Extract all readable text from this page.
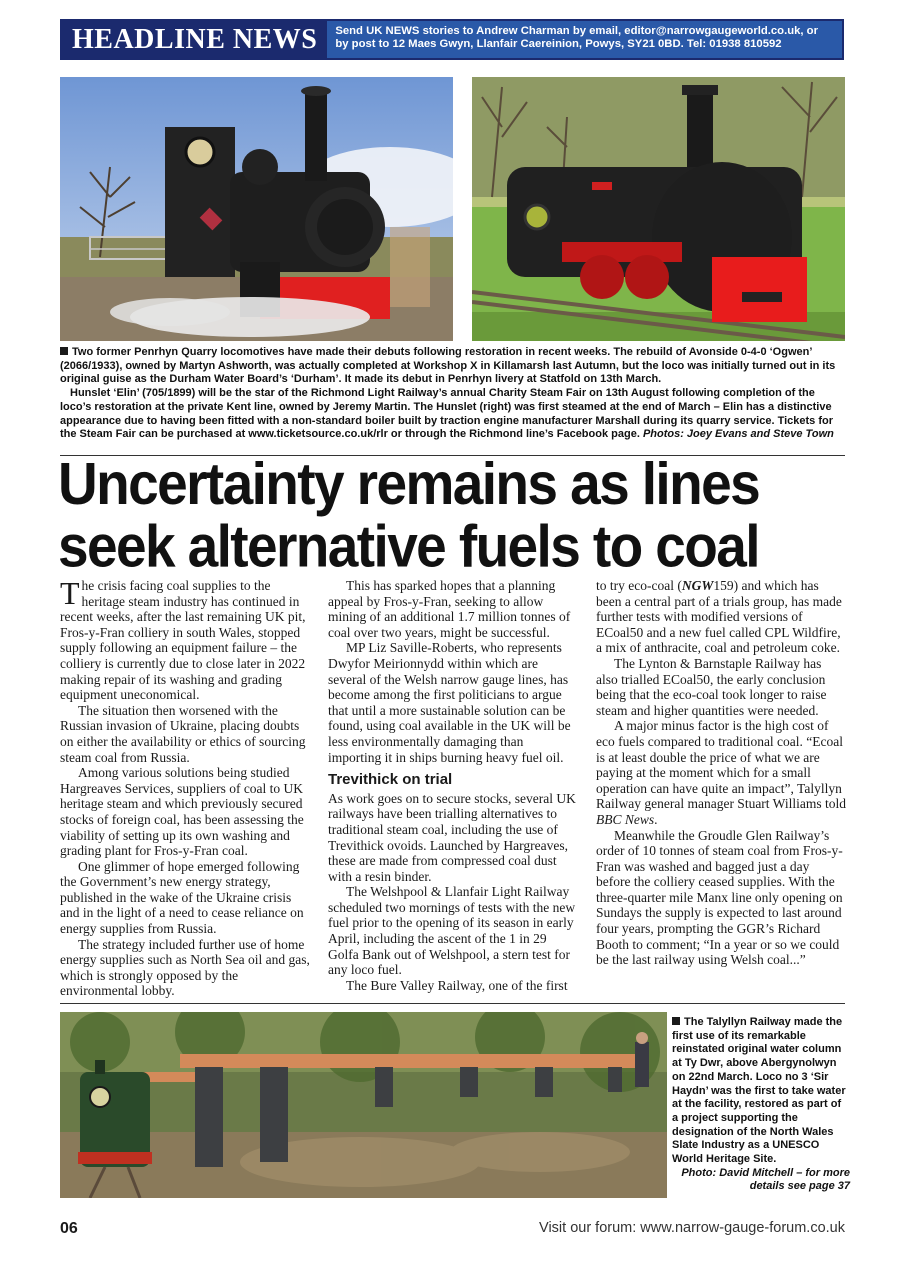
HEADLINE NEWS	Send UK NEWS stories to Andrew Charman by email, editor@narrowgaugeworld.co.uk, or by post to 12 Maes Gwyn, Llanfair Caereinion, Powys, SY21 0BD. Tel: 01938 810592

Two former Penrhyn Quarry locomotives have made their debuts following restoration in recent weeks. The rebuild of Avonside 0-4-0 ‘Ogwen’ (2066/1933), owned by Martyn Ashworth, was actually completed at Workshop X in Killamarsh last Autumn, but the loco was initially turned out in its original guise as the Durham Water Board’s ‘Durham’. It made its debut in Penrhyn livery at Statfold on 13th March.

Hunslet ‘Elin’ (705/1899) will be the star of the Richmond Light Railway’s annual Charity Steam Fair on 13th August following completion of the loco’s restoration at the private Kent line, owned by Jeremy Martin. The Hunslet (right) was first steamed at the end of March – Elin has a distinctive appearance due to having been fitted with a non-standard boiler built by traction engine manufacturer Marshall during its quarry service. Tickets for the Steam Fair can be purchased at www.ticketsource.co.uk/rlr or through the Richmond line’s Facebook page. Photos: Joey Evans and Steve Town

Uncertainty remains as lines seek alternative fuels to coal

The crisis facing coal supplies to the heritage steam industry has continued in recent weeks, after the last remaining UK pit, Fros-y-Fran colliery in south Wales, stopped supply following an equipment failure – the colliery is currently due to close later in 2022 making repair of its washing and grading equipment uneconomical.

The situation then worsened with the Russian invasion of Ukraine, placing doubts on either the availability or ethics of sourcing steam coal from Russia.

Among various solutions being studied Hargreaves Services, suppliers of coal to UK heritage steam and which previously secured stocks of foreign coal, has been assessing the viability of setting up its own washing and grading plant for Fros-y-Fran coal.

One glimmer of hope emerged following the Government’s new energy strategy, published in the wake of the Ukraine crisis and in the light of a need to cease reliance on energy supplies from Russia.

The strategy included further use of home energy supplies such as North Sea oil and gas, which is strongly opposed by the environmental lobby.

This has sparked hopes that a planning appeal by Fros-y-Fran, seeking to allow mining of an additional 1.7 million tonnes of coal over two years, might be successful.

MP Liz Saville-Roberts, who represents Dwyfor Meirionnydd within which are several of the Welsh narrow gauge lines, has become among the first politicians to argue that until a more sustainable solution can be found, using coal available in the UK will be less environmentally damaging than importing it in ships burning heavy fuel oil.

Trevithick on trial

As work goes on to secure stocks, several UK railways have been trialling alternatives to traditional steam coal, including the use of Trevithick ovoids. Launched by Hargreaves, these are made from compressed coal dust with a resin binder.

The Welshpool & Llanfair Light Railway scheduled two mornings of tests with the new fuel prior to the opening of its season in early April, including the ascent of the 1 in 29 Golfa Bank out of Welshpool, a stern test for any loco fuel.

The Bure Valley Railway, one of the first

to try eco-coal (NGW159) and which has been a central part of a trials group, has made further tests with modified versions of ECoal50 and a new fuel called CPL Wildfire, a mix of anthracite, coal and petroleum coke.

The Lynton & Barnstaple Railway has also trialled ECoal50, the early conclusion being that the eco-coal took longer to raise steam and higher quantities were needed.

A major minus factor is the high cost of eco fuels compared to traditional coal. “Ecoal is at least double the price of what we are paying at the moment which for a small operation can have quite an impact”, Talyllyn Railway general manager Stuart Williams told BBC News.

Meanwhile the Groudle Glen Railway’s order of 10 tonnes of steam coal from Fros-y-Fran was washed and bagged just a day before the colliery ceased supplies. With the three-quarter mile Manx line only opening on Sundays the supply is expected to last around four years, prompting the GGR’s Richard Booth to comment; “In a year or so we could be the last railway using Welsh coal...”

The Talyllyn Railway made the first use of its remarkable reinstated original water column at Ty Dwr, above Abergynolwyn on 22nd March. Loco no 3 ‘Sir Haydn’ was the first to take water at the facility, restored as part of a project supporting the designation of the North Wales Slate Industry as a UNESCO World Heritage Site.

Photo: David Mitchell – for more details see page 37

06	Visit our forum: www.narrow-gauge-forum.co.uk
